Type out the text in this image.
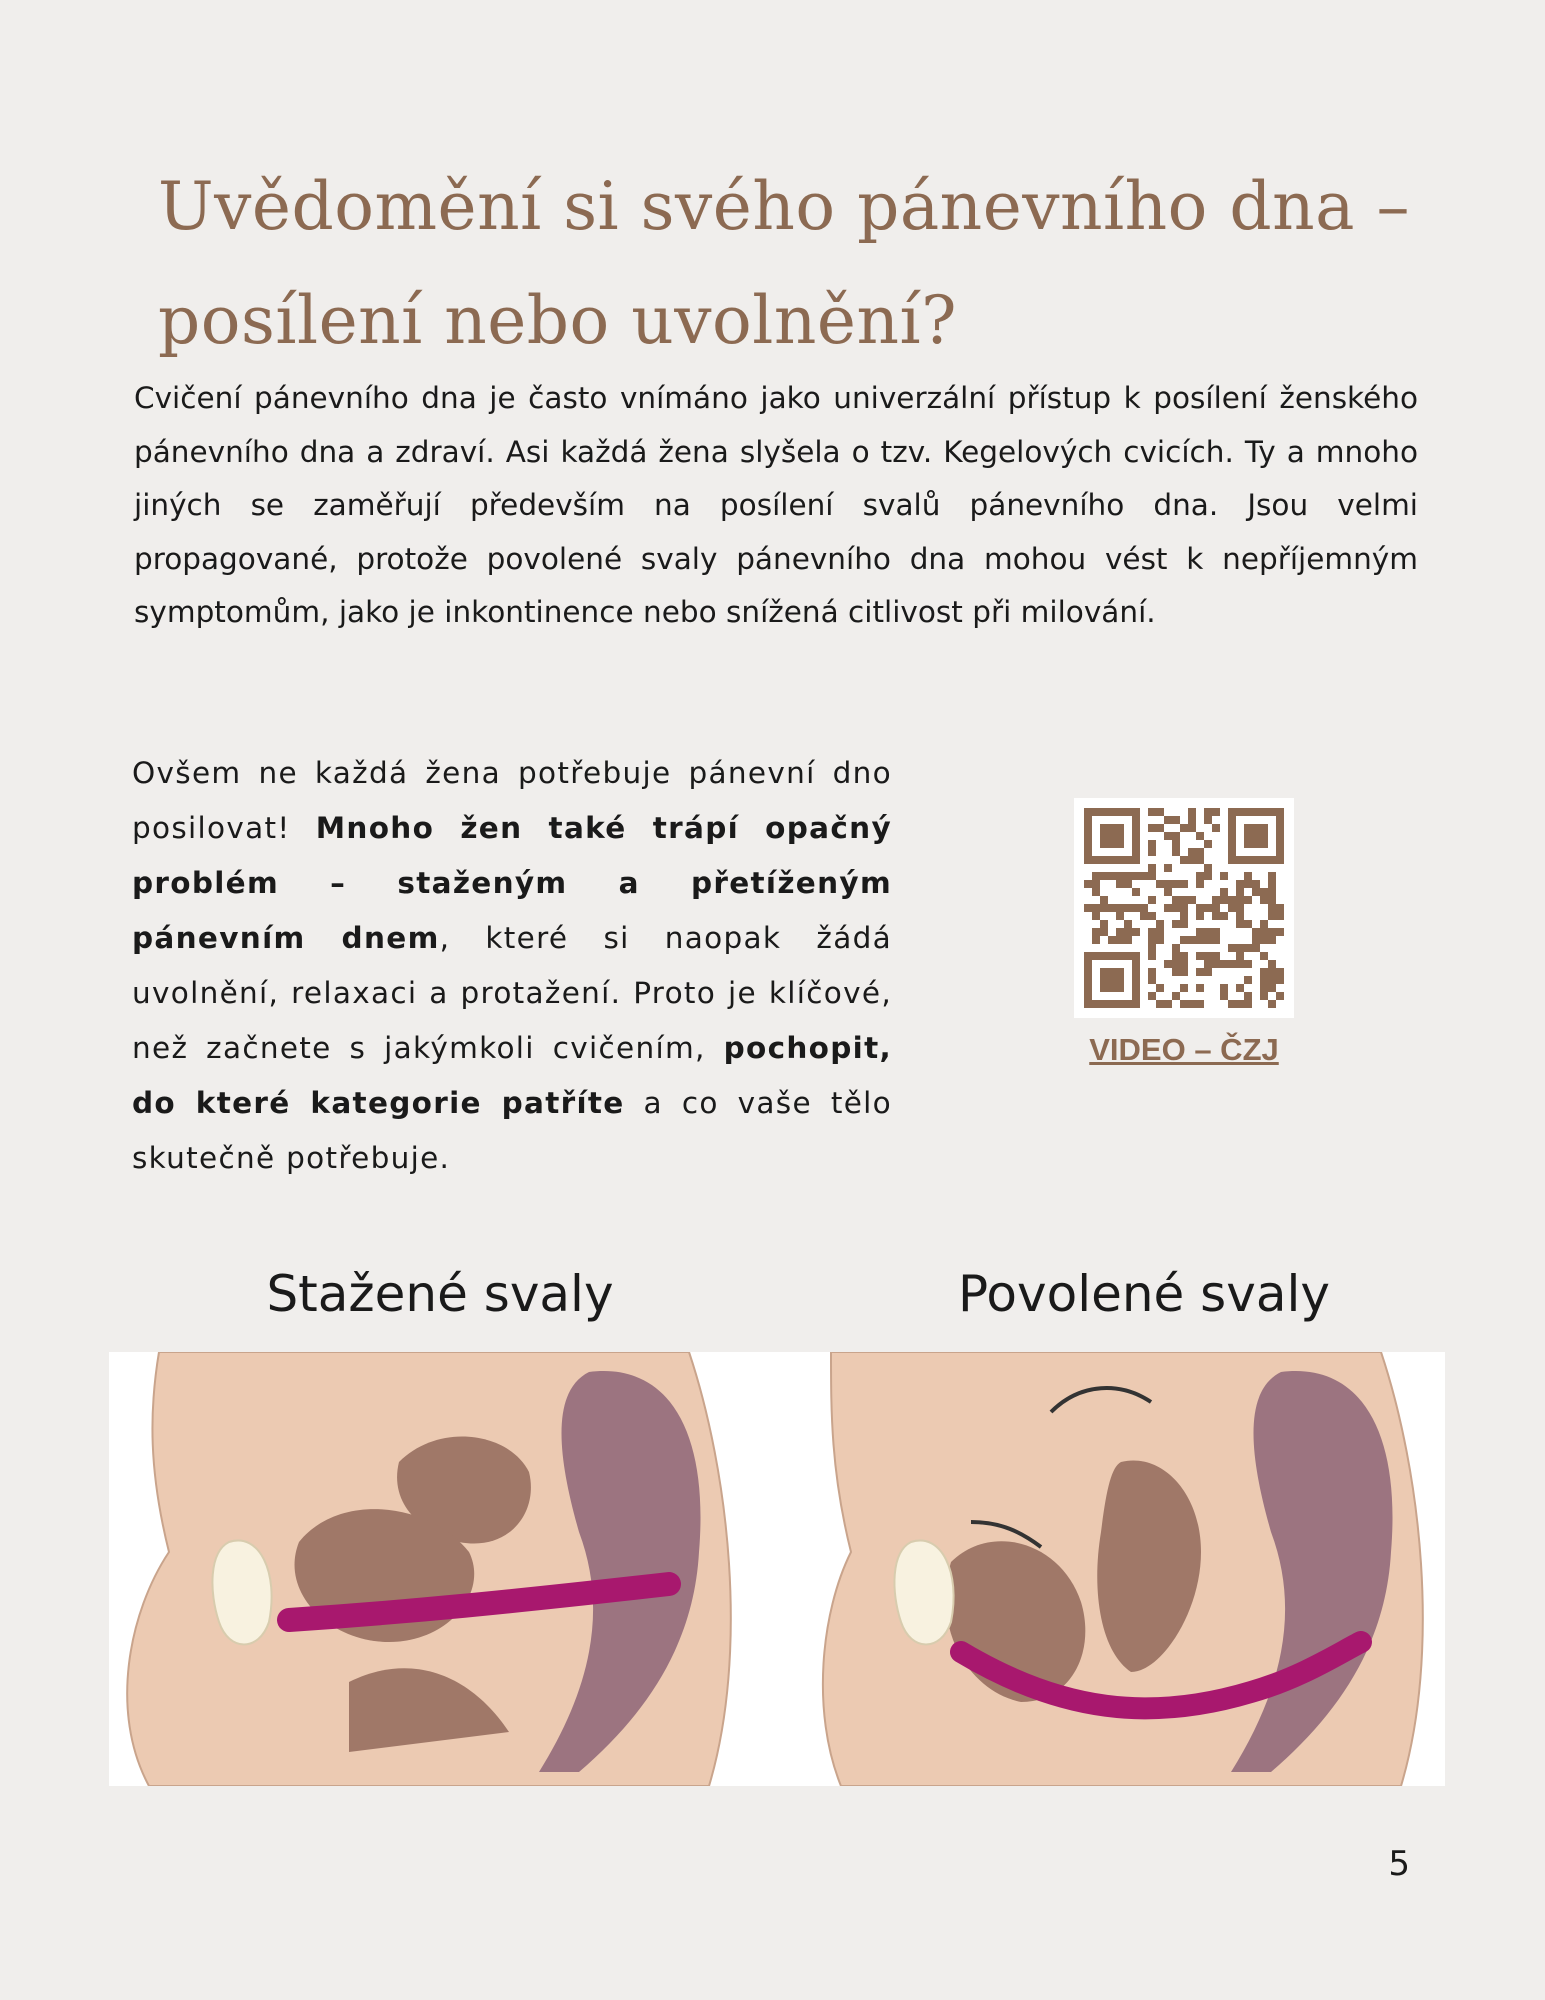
Uvědomění si svého pánevního dna – posílení nebo uvolnění?

Cvičení pánevního dna je často vnímáno jako univerzální přístup k posílení ženského pánevního dna a zdraví. Asi každá žena slyšela o tzv. Kegelových cvicích. Ty a mnoho jiných se zaměřují především na posílení svalů pánevního dna. Jsou velmi propagované, protože povolené svaly pánevního dna mohou vést k nepříjemným symptomům, jako je inkontinence nebo snížená citlivost při milování.

Ovšem ne každá žena potřebuje pánevní dno posilovat! Mnoho žen také trápí opačný problém – staženým a přetíženým pánevním dnem, které si naopak žádá uvolnění, relaxaci a protažení. Proto je klíčové, než začnete s jakýmkoli cvičením, pochopit, do které kategorie patříte a co vaše tělo skutečně potřebuje.

VIDEO – ČZJ

Stažené svaly	Povolené svaly

5
